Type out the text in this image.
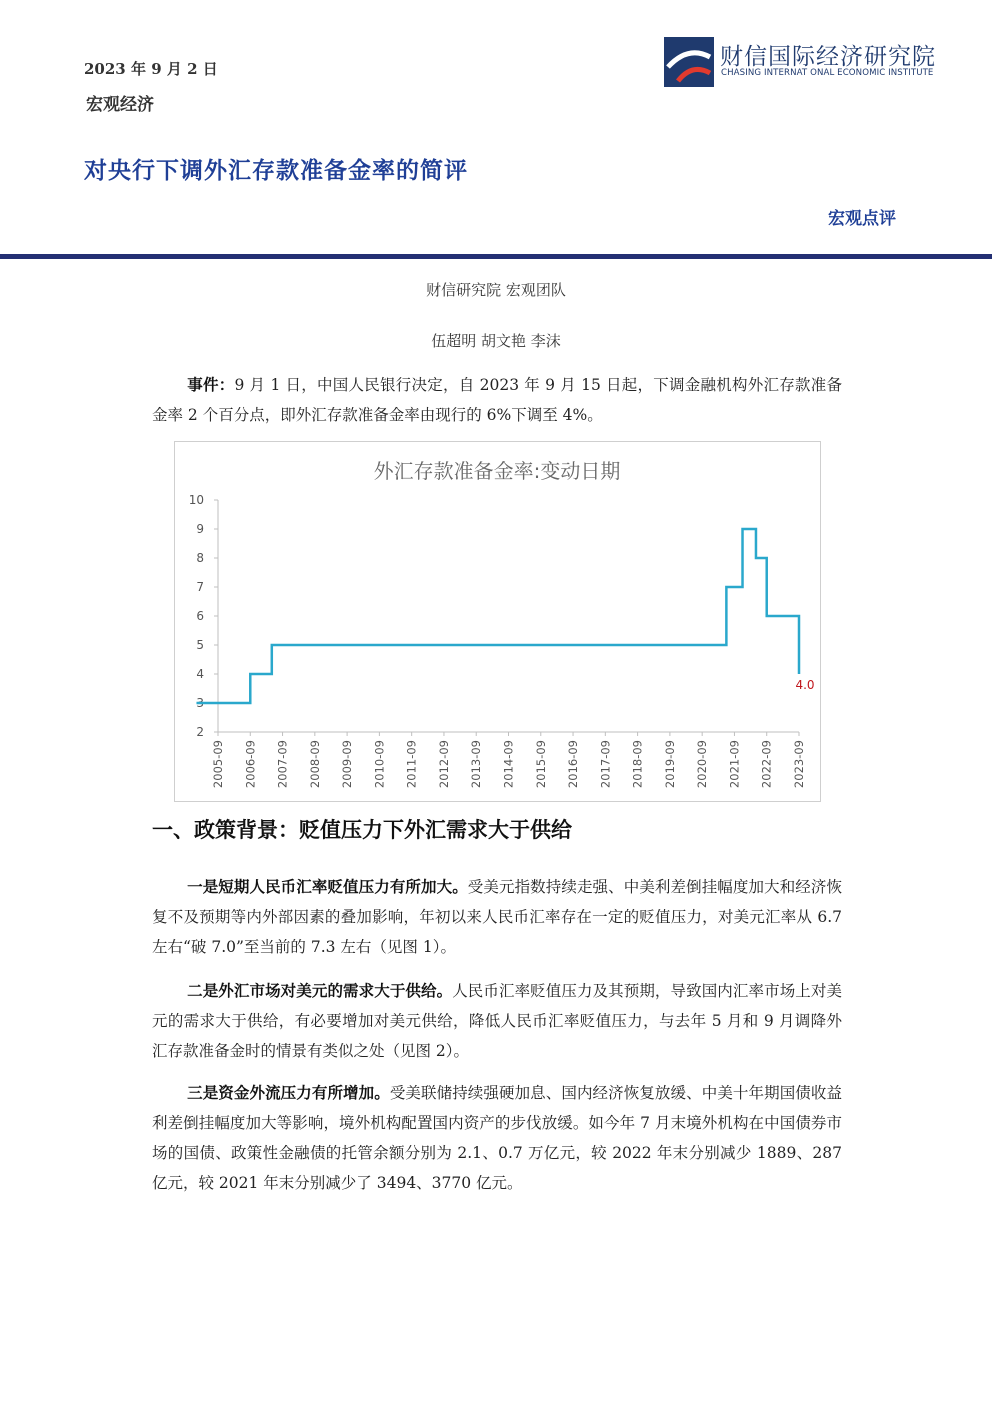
2023 年 9 月 2 日
宏观经济
财信国际经济研究院
CHASING INTERNAT ONAL ECONOMIC INSTITUTE
对央行下调外汇存款准备金率的简评
宏观点评
财信研究院 宏观团队
伍超明 胡文艳 李沫
事件：9 月 1 日，中国人民银行决定，自 2023 年 9 月 15 日起，下调金融机构外汇存款准备金率 2 个百分点，即外汇存款准备金率由现行的 6%下调至 4%。
外汇存款准备金率:变动日期
2
3
4
5
6
7
8
9
10
2005-09 2006-09 2007-09 2008-09 2009-09 2010-09 2011-09 2012-09 2013-09 2014-09 2015-09 2016-09 2017-09 2018-09 2019-09 2020-09 2021-09 2022-09 2023-09
4.0
一、政策背景：贬值压力下外汇需求大于供给
一是短期人民币汇率贬值压力有所加大。受美元指数持续走强、中美利差倒挂幅度加大和经济恢复不及预期等内外部因素的叠加影响，年初以来人民币汇率存在一定的贬值压力，对美元汇率从 6.7 左右“破 7.0”至当前的 7.3 左右（见图 1）。
二是外汇市场对美元的需求大于供给。人民币汇率贬值压力及其预期，导致国内汇率市场上对美元的需求大于供给，有必要增加对美元供给，降低人民币汇率贬值压力，与去年 5 月和 9 月调降外汇存款准备金时的情景有类似之处（见图 2）。
三是资金外流压力有所增加。受美联储持续强硬加息、国内经济恢复放缓、中美十年期国债收益利差倒挂幅度加大等影响，境外机构配置国内资产的步伐放缓。如今年 7 月末境外机构在中国债券市场的国债、政策性金融债的托管余额分别为 2.1、0.7 万亿元，较 2022 年末分别减少 1889、287 亿元，较 2021 年末分别减少了 3494、3770 亿元。
